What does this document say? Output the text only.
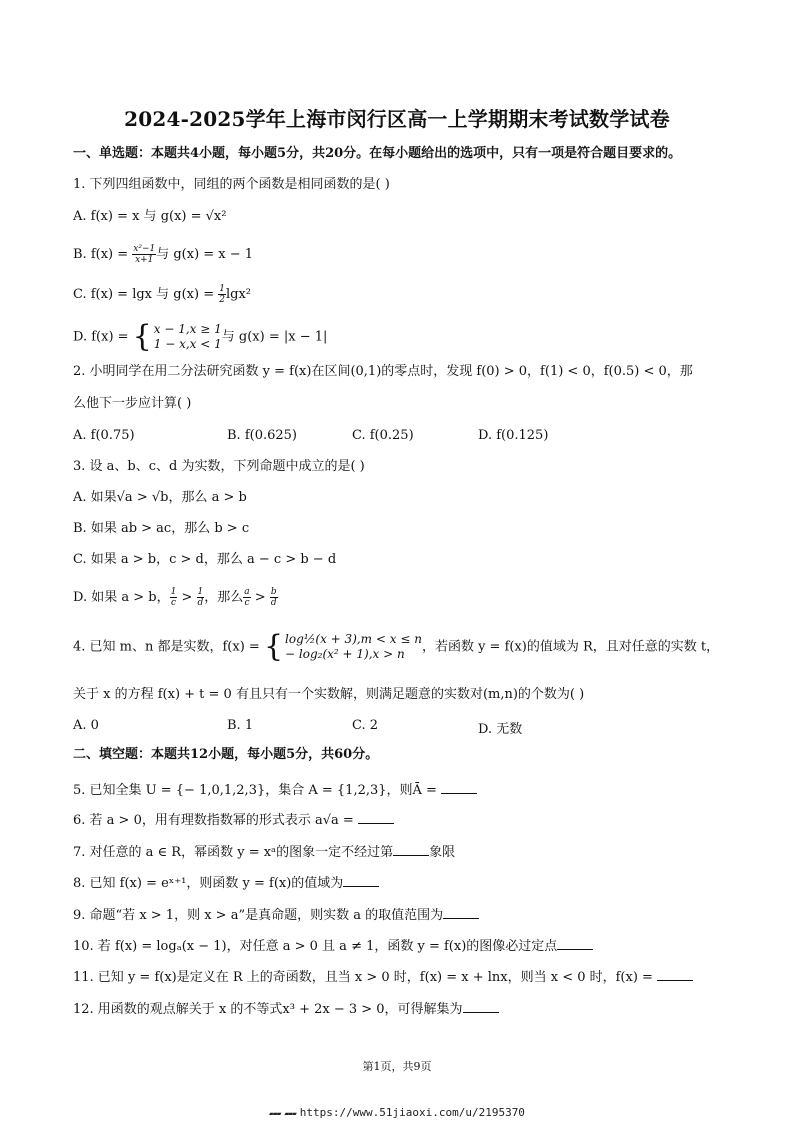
2024-2025学年上海市闵行区高一上学期期末考试数学试卷
一、单选题：本题共4小题，每小题5分，共20分。在每小题给出的选项中，只有一项是符合题目要求的。
1. 下列四组函数中，同组的两个函数是相同函数的是( )
A. f(x) = x 与 g(x) = √x²
B. $f(x) = \frac{\text{x²−1}}{x+1}$ 与 g(x) = x − 1
C. f(x) = lgx 与 $g(x) = \frac{1}{2} \lg x^2$
D. f(x) = { x − 1,x ≥ 1
1 − x,x < 1 与 g(x) = |x − 1|
2. 小明同学在用二分法研究函数 y = f(x)在区间(0,1)的零点时，发现 f(0) > 0，f(1) < 0，f(0.5) < 0，那
么他下一步应计算( )
A. f(0.75)	B. f(0.625)	C. f(0.25)	D. f(0.125)
3. 设 a、b、c、d 为实数，下列命题中成立的是( )
A. 如果√a > √b，那么 a > b
B. 如果 ab > ac，那么 b > c
C. 如果 a > b，c > d，那么 a − c > b − d
D. 如果 a > b， $\frac{1}{c} > \frac{1}{d}$ ，那么 $\frac{a}{c} > \frac{b}{d}$
4. 已知 m、n 都是实数，f(x) = { log½(x + 3),m < x ≤ n
− log₂(x² + 1),x > n	，若函数 y = f(x)的值域为 R，且对任意的实数 t，
关于 x 的方程 f(x) + t = 0 有且只有一个实数解，则满足题意的实数对(m,n)的个数为( )
A. 0	B. 1	C. 2	D. 无数
二、填空题：本题共12小题，每小题5分，共60分。
5. 已知全集 U = {− 1,0,1,2,3}，集合 A = {1,2,3}，则Ā =
6. 若 a > 0，用有理数指数幂的形式表示 a√a =
7. 对任意的 a ∈ R，幂函数 y = xᵃ的图象一定不经过第	象限
8. 已知 f(x) = eˣ⁺¹，则函数 y = f(x)的值域为
9. 命题“若 x > 1，则 x > a”是真命题，则实数 a 的取值范围为
10. 若 f(x) = logₐ(x − 1)，对任意 a > 0 且 a ≠ 1，函数 y = f(x)的图像必过定点
11. 已知 y = f(x)是定义在 R 上的奇函数，且当 x > 0 时，f(x) = x + lnx，则当 x < 0 时，f(x) =
12. 用函数的观点解关于 x 的不等式x³ + 2x − 3 > 0，可得解集为
第1页，共9页
▰▰▰ ▰▰▰ https://www.51jiaoxi.com/u/2195370
